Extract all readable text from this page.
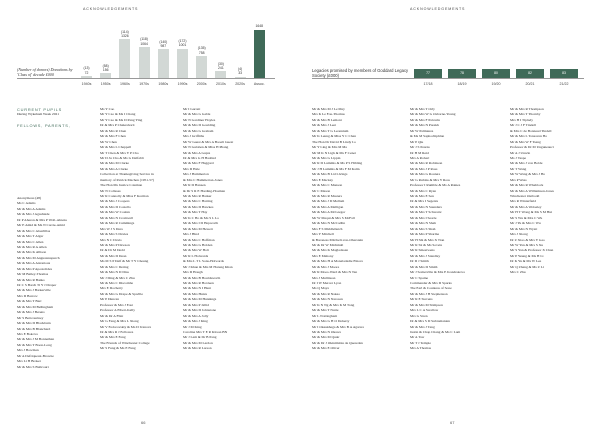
ACKNOWLEDGEMENTS	ACKNOWLEDGEMENTS
(Number of donors) Donations by 'Class of' decade £000
(13)
72
1940s
(58)
156
1950s
(114)
1326
1960s
(118)
1064
1970s
(140)
987
1980s
(172)
1001
1990s
(135)
758
2000s
(30)
241
2010s
(4)
33
2020s
1648
Assoc.
Legacies promised by members of Goddard Legacy Society (£000)	77
17/18
78
18/19
80
19/20
82
20/21
83
21/22
CURRENT PUPILS
During Wykeham Week 2021
FELLOWS, PARENTS,
Anonymous (48)
Ms C Adams
Mr & Mrs A Adams
Mr & Mrs J Agashiade
Dr P Aharon & Mrs P Woll-Ahrens
Mr E Amid & Ms N Carrie-Amid
Mr & Mrs C Alsarlillas
Mr & Mrs T Algar
Mr & Mrs C Allen
Mr & Mrs R A Allen
Mr & Mrs K Allison
Mr & Mrs M Angustanapurch
Mr & Mrs A Antonious
Mr & Mrs P Apostolides
Mr M Bailey-Thomas
Mr & Mrs R Banks
Dr C S Barch Ti Y J Draper
Mr & Mrs J Barkerville
Mrs D Barrow
Mr & Mrs T Barr
Mr & Mrs M Bellingham
Mr & Mrs J Berens
Mr S Bettcourtney
Mr & Mrs D Blackburn
Mr & Mrs B Blanchard
Mrs E Bokova
Mr & Mrs J M Bonnathan
Mr & Mrs T Boon-Long
Mrs J Bowman
Mr A Defriqueux-Browne
Mrs Li H Broker
Mr & Mrs S Bullcourt
Ms Y Cao
Mr Y Cao & Ms I Chang
Mr Y Cao & Ms D Pang Ying
Dr & Mrs P Chakraborti
Mr & Mrs R Chen
Mr & Mrs F Chen
Mr W Chen
Mr & Mrs L Chappell
Mr T Chen & Mrs Y P Cho
Mr D Ju Cho & Ms G Delfabli
Mr & Mrs M Clarke
Mr & Mrs A Clarke
Collection at Thanksgiving Service in
memory of Patrick Machen (1951-57)
The Hon Ms Justice Coleman
Mr N Colleses
Mr R Connolly & Miss F Korman
Mr & Mrs J Coopers
Mr & Mrs D Costello
Mr & Mrs W Coulan
Mr & Mrs N Cromwell
Mr & Mrs R Cummings
Mrs W J S Dara
Mr & Mrs S Davies
Mrs N C Davis
Mr & Mrs P Dawson
Dr & Dr M Dedd
Mr & Mrs D Dean
Ms M S P Delf & Mr T Y Cheung
Mr & Mrs C Dering
Mr & Mrs N D Dias
Mr J Ding & Mrs C Zhu
Mr & Mrs C Discombe
Mrs E Docherty
Mr & Mrs G Drape & Spwille
Mr P Duncan
Professor & Mrs J East
Professor A Elbert-Kelly
Mr & Dr A Flint
Mr G Fang & Mrs L Xiong
Mr V Fedorovskiy & Ms D Ivanova
Dr & Mrs R J Fellowes
Mr & Mrs E Feng
The Friends of Winchester College
Mr S Fung & Ms E Fung
Mr I Garrett
Mr & Mrs G Gable
Mr N Gardiner Hoyles
Mr & Mrs D Goulding
Mr & Mrs G Graham
Mrs J Griffiths
Mr W Guest & Mrs A Baoali Guest
Mr N Gulaben & Miss H Phang
Mr & Mrs A Gupta
Dr & Mrs G H Haddad
Mr & Mrs F Haggard
Mrs D Hale
Mrs J Hammerton
& Mrs C Hammerton-Jones
Mr R D Hansen
& Dr S R E Harding-Hosman
Mr & Mrs R Harker
Mr & Mrs C Harting
Mr & Mrs D Hawkes
Mr & Mrs T Hay
Mr K C Ho & Ms S L Lo
Mr & Mrs I D Hepworth
Mr & Mrs M Hewett
Mrs J Hind
Mr & Mrs C Hoffman
Mr & Mrs G Holden
Mr & Mrs W Holt
Mr R L Holwards
& Mrs L T L Sons-Holwards
Mr J Khan & Mrs M Hotung Khan
Mrs D Hough
Mr & Mrs B Houldsworth
Mr & Mrs R Hoxleen
Mr & Mrs N I Hunt
Mr & Mrs Hunts
Mr & Mrs M Hunnings
Mr & Mrs P Jallid
Mr & Mrs D Johnstone
Mr & Mrs A Jolly
Mr & Mrs J King
Mr J M King
Carolina Mrs T E R Kitson BN
Mr J Lam & Dr B Pang
Mr & Mrs M Lardon
Mr & Mrs R Larson
Mr & Mrs M J Le May
Mrs K Le Fou-Thomas
Mr & Mrs B Lemont
Mr & Mrs J Leet
Mr & Mrs T G Leonnium
Mr K Leung & Miss Y C Chan
The Hon Dr David B Lindy Ls
Mr Y Ling & Mrs M Ma
Mr M K N Ligh & Ms F Cenet
Mr & Mrs G Lippin
Mr R D Lummis & Ms P S Hibling
Mr J H Lummis & Ms F M Kalin
Mr & Mrs B Ltd Livings
Mrs E Mackay
Mr & Mrs C Manson
Mr C Mason
Mr & Mrs R Masters
Mr & Mrs J D Mellam
Mr & Mrs A Melligan
Mr & Mrs A McGregor
Mr W Maqui & Mrs S McFall
Mr & Mrs N McCadlin
Mrs F S Middlebutch
Mrs Y Mitchell
& Baroness Mitchell-von-Oberstein
Mr & Dr W Michmall
Mr & Mrs K Magladasan
Mrs E Mahony
Mr & Mrs H A Monaladadie Elnora
Mr & Mrs J Moore
Mr R Moos-Ward & Mrs N Tan
Mrs J Mullinson
Dr I W Mercer Lyon
Ms Q Maya
Mr & Mrs R Nakao
Mr & Mrs N Narosan
Mr K N Ng & Mrs K M Tong
Mr & Mrs T Nurie
Mr L Nottingham
Mr & Mrs G H O Doherty
Mr I Okaukhaga & Mrs B A Agarwa
Mr & Mrs N Okawa
Mr & Mrs M Quair
Mr & Dr J Okinimitzu de Queredan
Mr & Mrs E Oliver
Mr & Mrs T Orly
Mr & Mrs W G Osborne-Young
Mr & Mrs F Palcarin
Mr & Mrs N Parekh
Mr W Palmieres
& Ms M Saphochiphlan
Mr P Qiu
Mr J S Pearns
Dr H M Reid
Mrs A Robert
Mr & Mrs R Robinson
Mr & Mrs J P Ross
Mr & Mrs G Rouiere
Mr G Rubins & Mrs Y Ross
Professor I Rumble & Ms A Raines
Mr & Mrs C Ryan
Mr & Mrs E Sen
Dr & Mrs I Segents
Mr & Mrs N Saunders
Mr & Mrs T Schwartz
Mr & Mrs I Searle
Mr & Mrs N Shah
Mr & Mrs S Shah
Mr & Mrs P Sharma
Mr H Shi & Mrs X Tian
Mr R Sit & Ms Sovela
Mr R Smeetwens
Mr & Mrs J Standley
Dr D J Smith
Mr & Mrs D Smith
Mr J Somerville & Mrs E Kondrakova
Mr C Spaine
Commander & Mrs D Sparks
The Earl & Countess of Sone
Mr & Mrs J H Stephenson
Mr R E Stevens
Mr & Mrs M Stimpson
Mrs L C A Swallow
Mrs G Stren
Dr & Mrs S D Subramanian
Mr & Mrs J Tang
Justin & Chap Chang & Ms C Lam
Mr A Taw
Mr T J Temple
Mrs A Thomas
Mr & Mrs R Thompson
Mr & Mrs T Thornby
Mrs H I Tiplady
Mr J C J F Tindell
& Mrs C de Bonnaud Tindell
Mr & Mrs L Tonsaven Ho
Mr & Mrs W F Tsang
Professor & Dr M Unguneauci
Mr A J Unwin
Ms J Vespe
Mr & Mrs J von Bolde
Mr T Wang
Mr W Wang & Mrs J Ho
Mrs P Wass
Mr & Mrs R Wheblock
Mr & Mrs A Williamson-Jones
Winchester Outbodd
Mrs R Winterfield
Mr & Mrs A Wolseley
Mr H T Wong & Ms S M Hui
Mr S Wu & Mrs C Wu
Mr J Yu & Mrs C Wu
Mr & Mrs N Wyatt
Mrs J Xiong
Dr Z Xiao & Mrs Y Gao
Mr W Yan & Mrs S Xu
Mr S Yan & Professor X Chan
Mr P Yeung & Ms H Li
Dr K Yu & Ms W Lee
Mr Q Zhang & Ms Z Li
Mrs C Zhu
66	67
